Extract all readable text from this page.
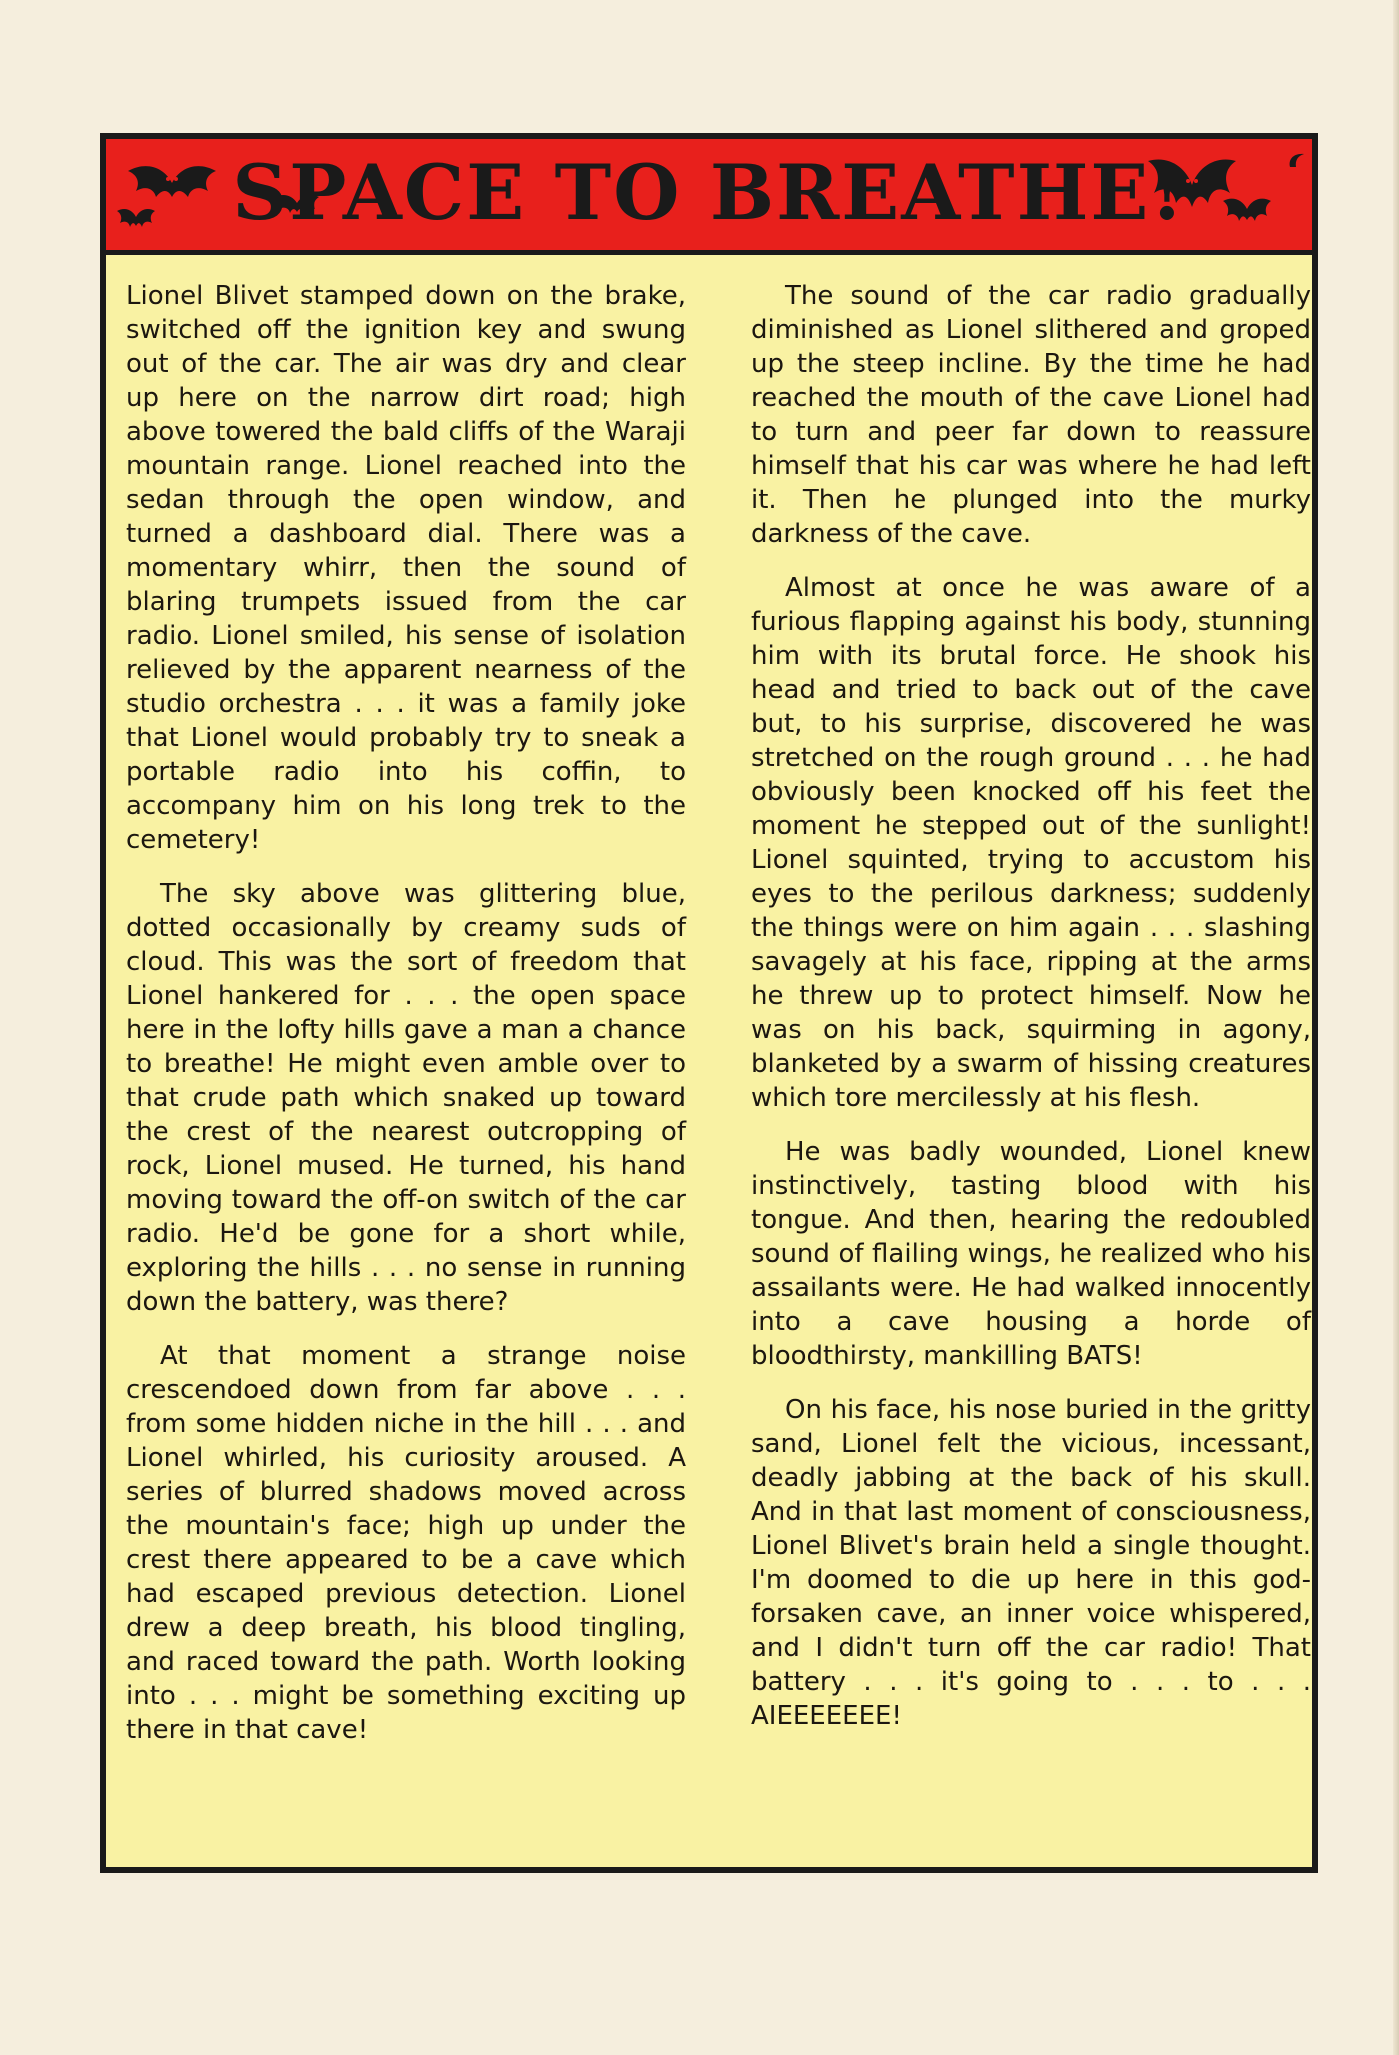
SPACE TO BREATHE!

Lionel Blivet stamped down on the brake, switched off the ignition key and swung out of the car. The air was dry and clear up here on the narrow dirt road; high above towered the bald cliffs of the Waraji mountain range. Lionel reached into the sedan through the open window, and turned a dashboard dial. There was a momentary whirr, then the sound of blaring trumpets issued from the car radio. Lionel smiled, his sense of isolation relieved by the apparent nearness of the studio orchestra . . . it was a family joke that Lionel would probably try to sneak a portable radio into his coffin, to accompany him on his long trek to the cemetery!

The sky above was glittering blue, dotted occasionally by creamy suds of cloud. This was the sort of freedom that Lionel hankered for . . . the open space here in the lofty hills gave a man a chance to breathe! He might even amble over to that crude path which snaked up toward the crest of the nearest outcropping of rock, Lionel mused. He turned, his hand moving toward the off-on switch of the car radio. He'd be gone for a short while, exploring the hills . . . no sense in running down the battery, was there?

At that moment a strange noise crescendoed down from far above . . . from some hidden niche in the hill . . . and Lionel whirled, his curiosity aroused. A series of blurred shadows moved across the mountain's face; high up under the crest there appeared to be a cave which had escaped previous detection. Lionel drew a deep breath, his blood tingling, and raced toward the path. Worth looking into . . . might be something exciting up there in that cave!

The sound of the car radio gradually diminished as Lionel slithered and groped up the steep incline. By the time he had reached the mouth of the cave Lionel had to turn and peer far down to reassure himself that his car was where he had left it. Then he plunged into the murky darkness of the cave.

Almost at once he was aware of a furious flapping against his body, stunning him with its brutal force. He shook his head and tried to back out of the cave but, to his surprise, discovered he was stretched on the rough ground . . . he had obviously been knocked off his feet the moment he stepped out of the sunlight! Lionel squinted, trying to accustom his eyes to the perilous darkness; suddenly the things were on him again . . . slashing savagely at his face, ripping at the arms he threw up to protect himself. Now he was on his back, squirming in agony, blanketed by a swarm of hissing creatures which tore mercilessly at his flesh.

He was badly wounded, Lionel knew instinctively, tasting blood with his tongue. And then, hearing the redoubled sound of flailing wings, he realized who his assailants were. He had walked innocently into a cave housing a horde of bloodthirsty, mankilling BATS!

On his face, his nose buried in the gritty sand, Lionel felt the vicious, incessant, deadly jabbing at the back of his skull. And in that last moment of consciousness, Lionel Blivet's brain held a single thought. I'm doomed to die up here in this god-forsaken cave, an inner voice whispered, and I didn't turn off the car radio! That battery . . . it's going to . . . to . . . AIEEEEEEE!
